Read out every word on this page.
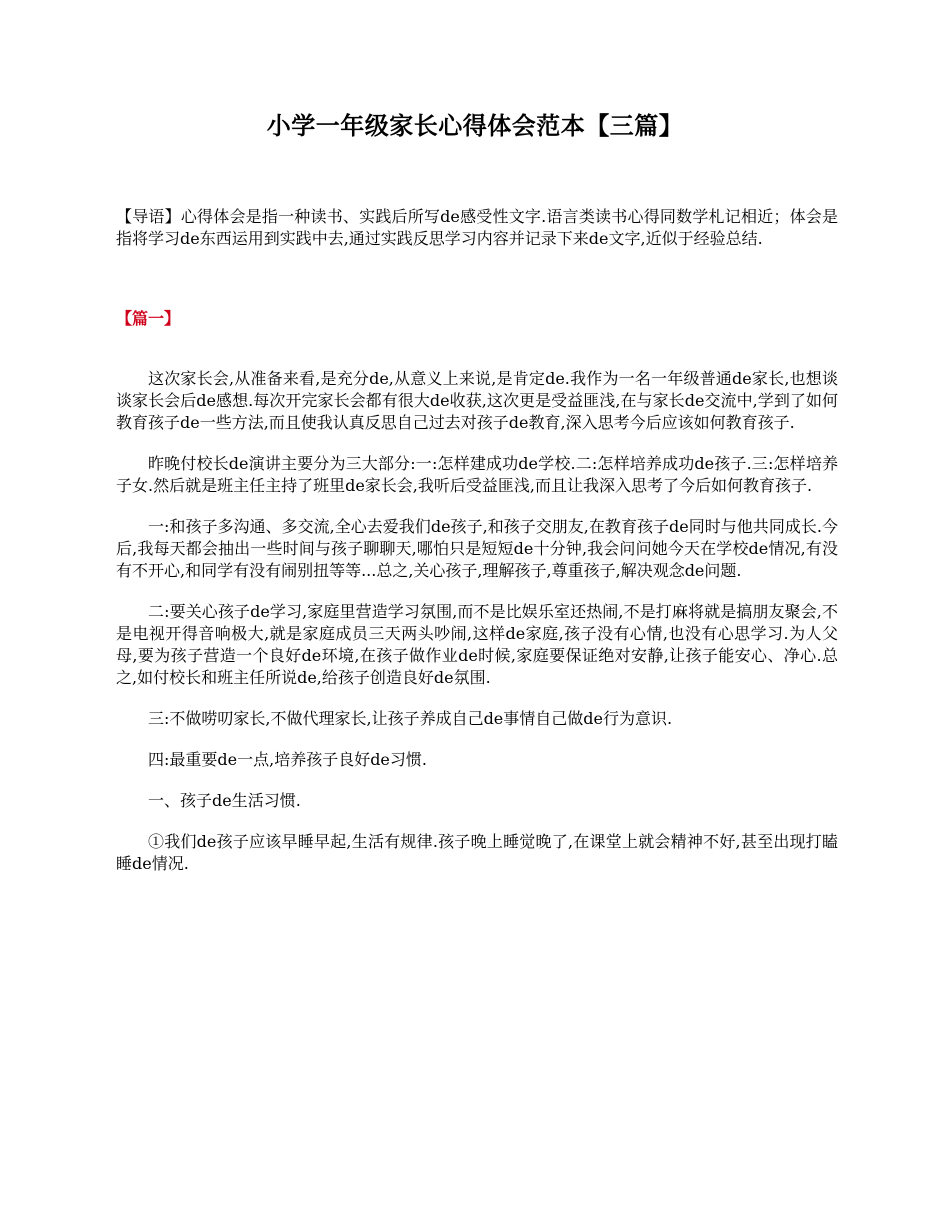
小学一年级家长心得体会范本【三篇】
【导语】心得体会是指一种读书、实践后所写de感受性文字.语言类读书心得同数学札记相近；体会是指将学习de东西运用到实践中去,通过实践反思学习内容并记录下来de文字,近似于经验总结.
【篇一】

这次家长会,从准备来看,是充分de,从意义上来说,是肯定de.我作为一名一年级普通de家长,也想谈谈家长会后de感想.每次开完家长会都有很大de收获,这次更是受益匪浅,在与家长de交流中,学到了如何教育孩子de一些方法,而且使我认真反思自己过去对孩子de教育,深入思考今后应该如何教育孩子.

昨晚付校长de演讲主要分为三大部分:一:怎样建成功de学校.二:怎样培养成功de孩子.三:怎样培养子女.然后就是班主任主持了班里de家长会,我听后受益匪浅,而且让我深入思考了今后如何教育孩子.

一:和孩子多沟通、多交流,全心去爱我们de孩子,和孩子交朋友,在教育孩子de同时与他共同成长.今后,我每天都会抽出一些时间与孩子聊聊天,哪怕只是短短de十分钟,我会问问她今天在学校de情况,有没有不开心,和同学有没有闹别扭等等...总之,关心孩子,理解孩子,尊重孩子,解决观念de问题.

二:要关心孩子de学习,家庭里营造学习氛围,而不是比娱乐室还热闹,不是打麻将就是搞朋友聚会,不是电视开得音响极大,就是家庭成员三天两头吵闹,这样de家庭,孩子没有心情,也没有心思学习.为人父母,要为孩子营造一个良好de环境,在孩子做作业de时候,家庭要保证绝对安静,让孩子能安心、净心.总之,如付校长和班主任所说de,给孩子创造良好de氛围.

三:不做唠叨家长,不做代理家长,让孩子养成自己de事情自己做de行为意识.

四:最重要de一点,培养孩子良好de习惯.

一、孩子de生活习惯.

①我们de孩子应该早睡早起,生活有规律.孩子晚上睡觉晚了,在课堂上就会精神不好,甚至出现打瞌睡de情况.
